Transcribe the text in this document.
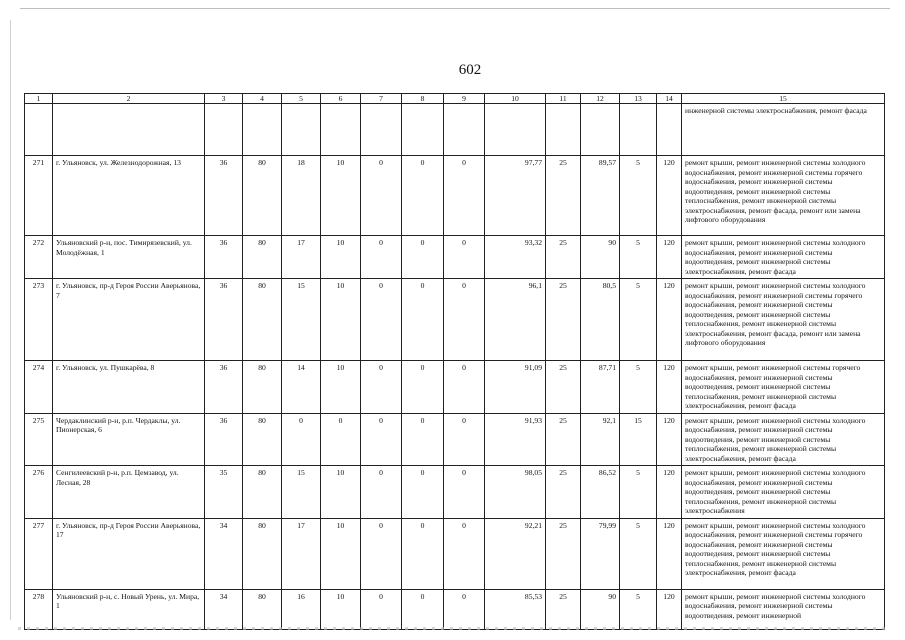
602
1	2	3	4	5	6	7	8	9	10	11	12	13	14	15
														инженерной системы электроснабжения, ремонт фасада
271	г. Ульяновск, ул. Железнодорожная, 13	36	80	18	10	0	0	0	97,77	25	89,57	5	120	ремонт крыши, ремонт инженерной системы холодного водоснабжения, ремонт инженерной системы горячего водоснабжения, ремонт инженерной системы водоотведения, ремонт инженерной системы теплоснабжения, ремонт инженерной системы электроснабжения, ремонт фасада, ремонт или замена лифтового оборудования
272	Ульяновский р-н, пос. Тимирязевский, ул. Молодёжная, 1	36	80	17	10	0	0	0	93,32	25	90	5	120	ремонт крыши, ремонт инженерной системы холодного водоснабжения, ремонт инженерной системы водоотведения, ремонт инженерной системы электроснабжения, ремонт фасада
273	г. Ульяновск, пр-д Героя России Аверьянова, 7	36	80	15	10	0	0	0	96,1	25	80,5	5	120	ремонт крыши, ремонт инженерной системы холодного водоснабжения, ремонт инженерной системы горячего водоснабжения, ремонт инженерной системы водоотведения, ремонт инженерной системы теплоснабжения, ремонт инженерной системы электроснабжения, ремонт фасада, ремонт или замена лифтового оборудования
274	г. Ульяновск, ул. Пушкарёва, 8	36	80	14	10	0	0	0	91,09	25	87,71	5	120	ремонт крыши, ремонт инженерной системы горячего водоснабжения, ремонт инженерной системы водоотведения, ремонт инженерной системы теплоснабжения, ремонт инженерной системы электроснабжения, ремонт фасада
275	Чердаклинский р-н, р.п. Чердаклы, ул. Пионерская, 6	36	80	0	0	0	0	0	91,93	25	92,1	15	120	ремонт крыши, ремонт инженерной системы холодного водоснабжения, ремонт инженерной системы водоотведения, ремонт инженерной системы теплоснабжения, ремонт инженерной системы электроснабжения, ремонт фасада
276	Сенгилеевский р-н, р.п. Цемзавод, ул. Лесная, 28	35	80	15	10	0	0	0	98,05	25	86,52	5	120	ремонт крыши, ремонт инженерной системы холодного водоснабжения, ремонт инженерной системы водоотведения, ремонт инженерной системы теплоснабжения, ремонт инженерной системы электроснабжения
277	г. Ульяновск, пр-д Героя России Аверьянова, 17	34	80	17	10	0	0	0	92,21	25	79,99	5	120	ремонт крыши, ремонт инженерной системы холодного водоснабжения, ремонт инженерной системы горячего водоснабжения, ремонт инженерной системы водоотведения, ремонт инженерной системы теплоснабжения, ремонт инженерной системы электроснабжения, ремонт фасада
278	Ульяновский р-н, с. Новый Урень, ул. Мира, 1	34	80	16	10	0	0	0	85,53	25	90	5	120	ремонт крыши, ремонт инженерной системы холодного водоснабжения, ремонт инженерной системы водоотведения, ремонт инженерной
